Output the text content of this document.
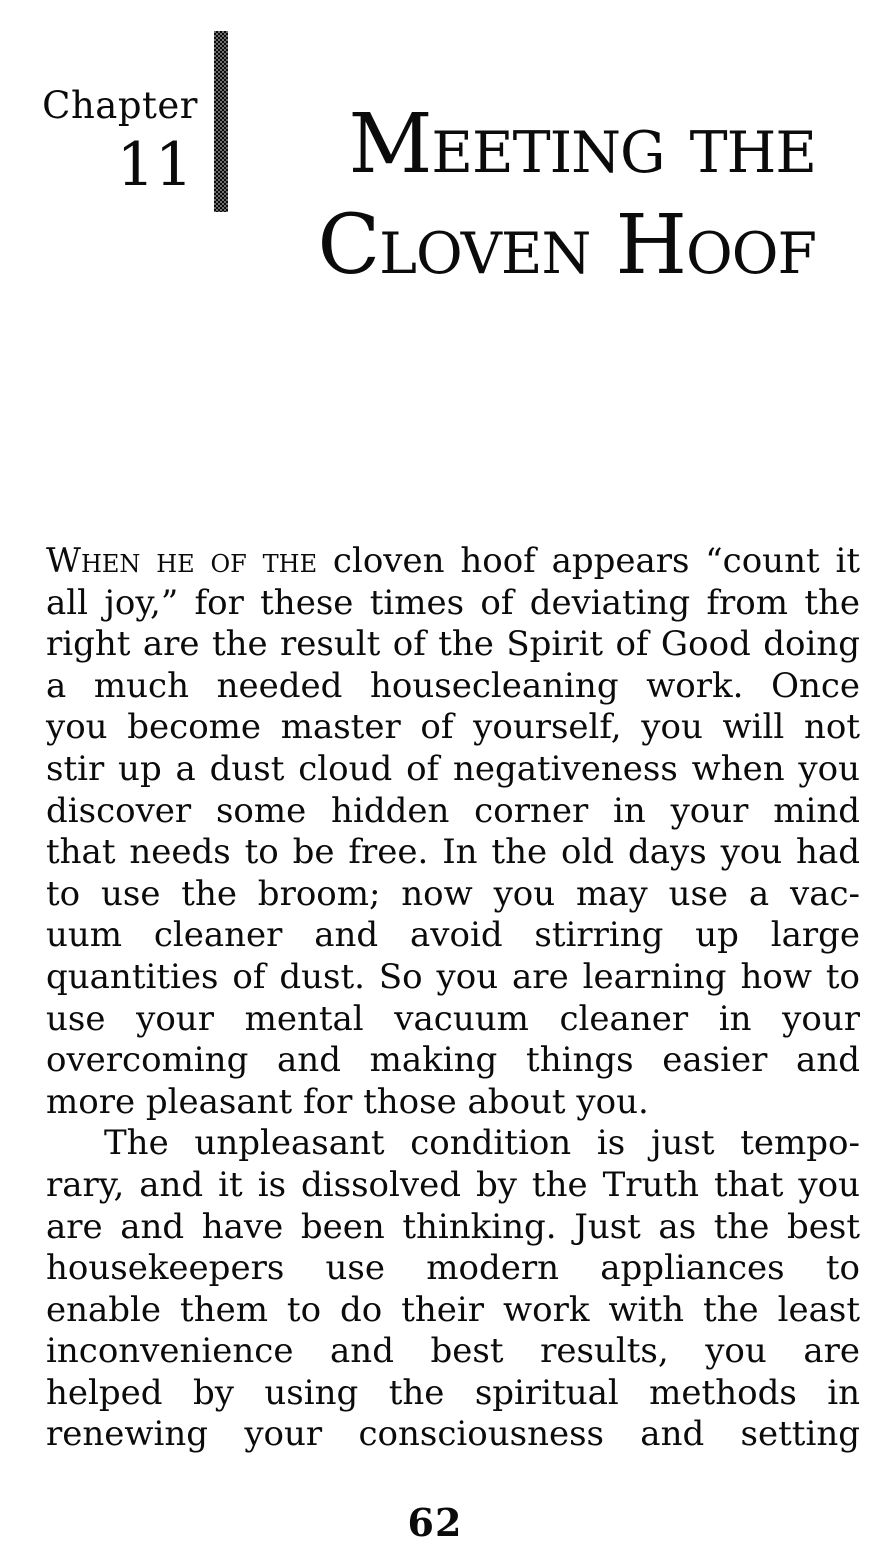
Chapter
11	Meeting the
Cloven Hoof
When he of the cloven hoof appears “count it
all joy,” for these times of deviating from the
right are the result of the Spirit of Good doing
a much needed housecleaning work. Once
you become master of yourself, you will not
stir up a dust cloud of negativeness when you
discover some hidden corner in your mind
that needs to be free. In the old days you had
to use the broom; now you may use a vac-
uum cleaner and avoid stirring up large
quantities of dust. So you are learning how to
use your mental vacuum cleaner in your
overcoming and making things easier and
more pleasant for those about you.
The unpleasant condition is just tempo-
rary, and it is dissolved by the Truth that you
are and have been thinking. Just as the best
housekeepers use modern appliances to
enable them to do their work with the least
inconvenience and best results, you are
helped by using the spiritual methods in
renewing your consciousness and setting
62
